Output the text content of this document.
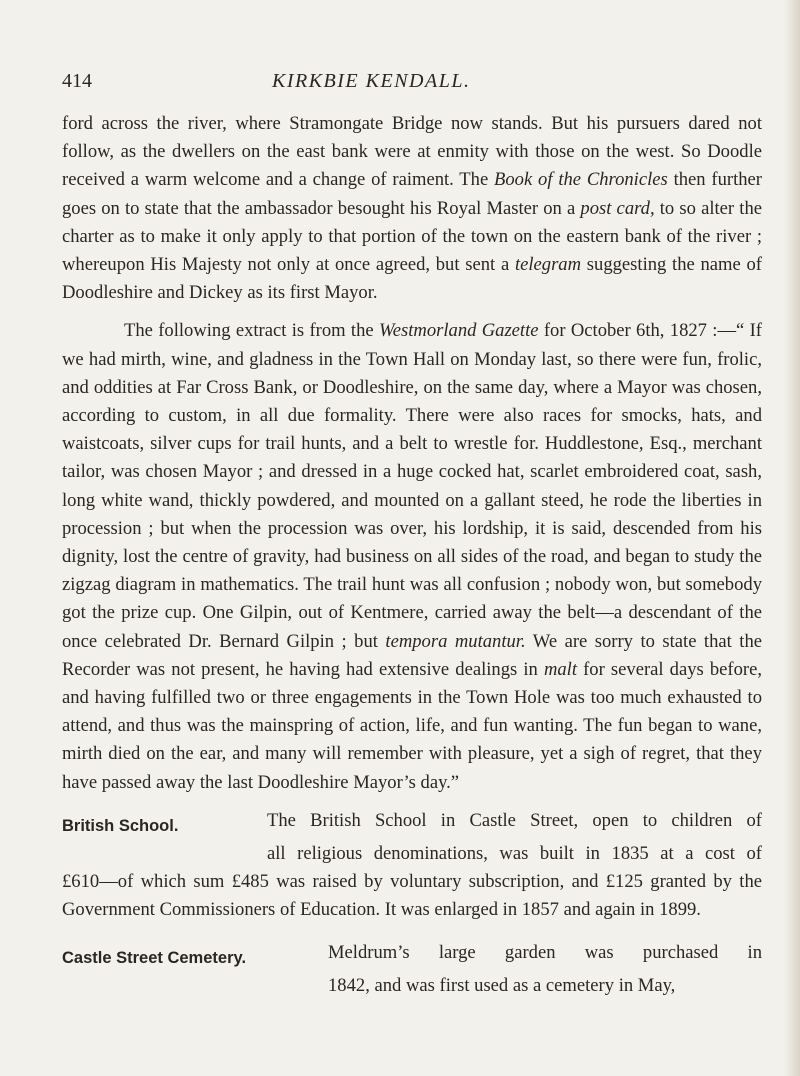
414	KIRKBIE KENDALL.

ford across the river, where Stramongate Bridge now stands. But his pursuers dared not follow, as the dwellers on the east bank were at enmity with those on the west. So Doodle received a warm welcome and a change of raiment. The Book of the Chronicles then further goes on to state that the ambassador besought his Royal Master on a post card, to so alter the charter as to make it only apply to that portion of the town on the eastern bank of the river ; whereupon His Majesty not only at once agreed, but sent a telegram suggesting the name of Doodleshire and Dickey as its first Mayor.

The following extract is from the Westmorland Gazette for October 6th, 1827 :—“ If we had mirth, wine, and gladness in the Town Hall on Monday last, so there were fun, frolic, and oddities at Far Cross Bank, or Doodleshire, on the same day, where a Mayor was chosen, according to custom, in all due formality. There were also races for smocks, hats, and waistcoats, silver cups for trail hunts, and a belt to wrestle for. Huddlestone, Esq., merchant tailor, was chosen Mayor ; and dressed in a huge cocked hat, scarlet embroidered coat, sash, long white wand, thickly powdered, and mounted on a gallant steed, he rode the liberties in procession ; but when the procession was over, his lordship, it is said, descended from his dignity, lost the centre of gravity, had business on all sides of the road, and began to study the zigzag diagram in mathematics. The trail hunt was all confusion ; nobody won, but somebody got the prize cup. One Gilpin, out of Kentmere, carried away the belt—a descendant of the once celebrated Dr. Bernard Gilpin ; but tempora mutantur. We are sorry to state that the Recorder was not present, he having had extensive dealings in malt for several days before, and having fulfilled two or three engagements in the Town Hole was too much exhausted to attend, and thus was the mainspring of action, life, and fun wanting. The fun began to wane, mirth died on the ear, and many will remember with pleasure, yet a sigh of regret, that they have passed away the last Doodleshire Mayor’s day.”

British School.	The British School in Castle Street, open to children of
all religious denominations, was built in 1835 at a cost of

£610—of which sum £485 was raised by voluntary subscription, and £125 granted by the Government Commissioners of Education. It was enlarged in 1857 and again in 1899.

Castle Street Cemetery.	Meldrum’s large garden was purchased in
1842, and was first used as a cemetery in May,
